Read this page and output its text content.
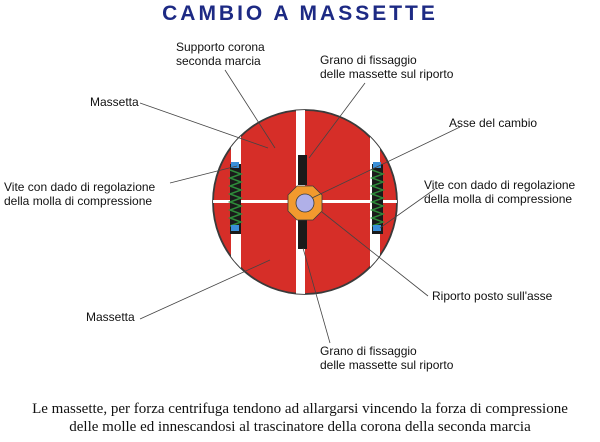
CAMBIO A MASSETTE
Supporto corona
seconda marcia	Grano di fissaggio
delle massette sul riporto
Massetta
Asse del cambio
Vite con dado di regolazione
della molla di compressione
Vite con dado di regolazione
della molla di compressione
Riporto posto sull'asse
Massetta
Grano di fissaggio
delle massette sul riporto
Le massette, per forza centrifuga tendono ad allargarsi vincendo la forza di compressione
delle molle ed innescandosi al trascinatore della corona della seconda marcia
